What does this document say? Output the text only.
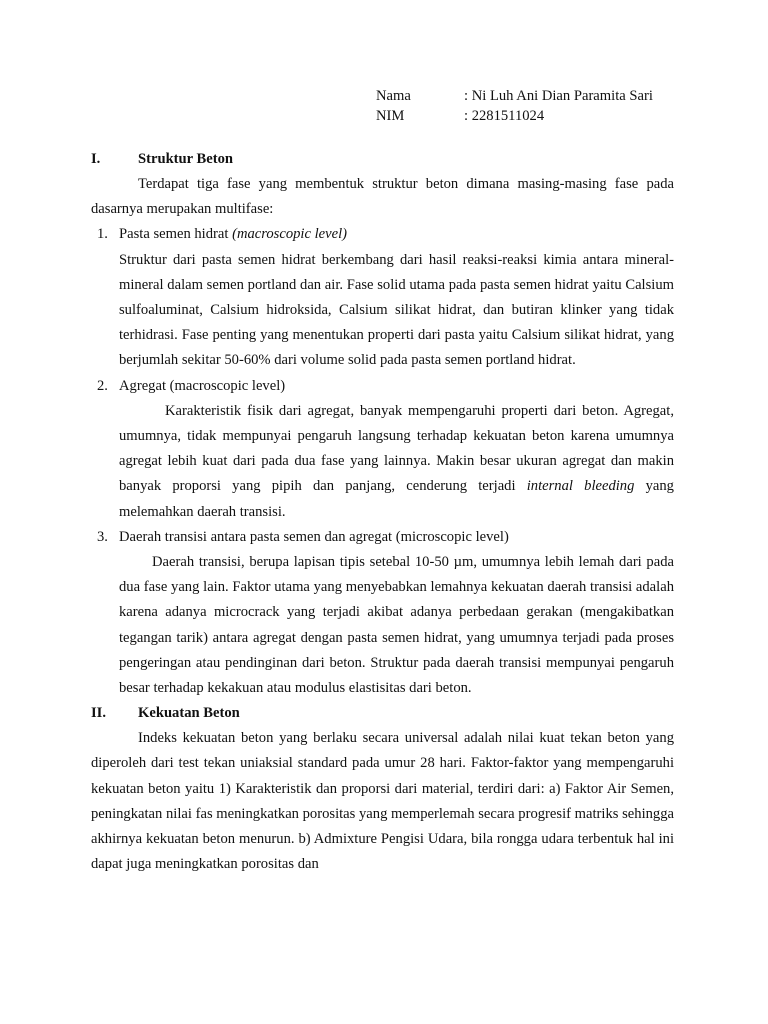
Nama	: Ni Luh Ani Dian Paramita Sari
NIM	: 2281511024
I.	Struktur Beton

Terdapat tiga fase yang membentuk struktur beton dimana masing-masing fase pada dasarnya merupakan multifase:

1. Pasta semen hidrat (macroscopic level)

Struktur dari pasta semen hidrat berkembang dari hasil reaksi-reaksi kimia antara mineral-mineral dalam semen portland dan air. Fase solid utama pada pasta semen hidrat yaitu Calsium sulfoaluminat, Calsium hidroksida, Calsium silikat hidrat, dan butiran klinker yang tidak terhidrasi. Fase penting yang menentukan properti dari pasta yaitu Calsium silikat hidrat, yang berjumlah sekitar 50-60% dari volume solid pada pasta semen portland hidrat.

2. Agregat (macroscopic level)

Karakteristik fisik dari agregat, banyak mempengaruhi properti dari beton. Agregat, umumnya, tidak mempunyai pengaruh langsung terhadap kekuatan beton karena umumnya agregat lebih kuat dari pada dua fase yang lainnya. Makin besar ukuran agregat dan makin banyak proporsi yang pipih dan panjang, cenderung terjadi internal bleeding yang melemahkan daerah transisi.

3. Daerah transisi antara pasta semen dan agregat (microscopic level)

Daerah transisi, berupa lapisan tipis setebal 10-50 µm, umumnya lebih lemah dari pada dua fase yang lain. Faktor utama yang menyebabkan lemahnya kekuatan daerah transisi adalah karena adanya microcrack yang terjadi akibat adanya perbedaan gerakan (mengakibatkan tegangan tarik) antara agregat dengan pasta semen hidrat, yang umumnya terjadi pada proses pengeringan atau pendinginan dari beton. Struktur pada daerah transisi mempunyai pengaruh besar terhadap kekakuan atau modulus elastisitas dari beton.

II.	Kekuatan Beton

Indeks kekuatan beton yang berlaku secara universal adalah nilai kuat tekan beton yang diperoleh dari test tekan uniaksial standard pada umur 28 hari. Faktor-faktor yang mempengaruhi kekuatan beton yaitu 1) Karakteristik dan proporsi dari material, terdiri dari: a) Faktor Air Semen, peningkatan nilai fas meningkatkan porositas yang memperlemah secara progresif matriks sehingga akhirnya kekuatan beton menurun. b) Admixture Pengisi Udara, bila rongga udara terbentuk hal ini dapat juga meningkatkan porositas dan
